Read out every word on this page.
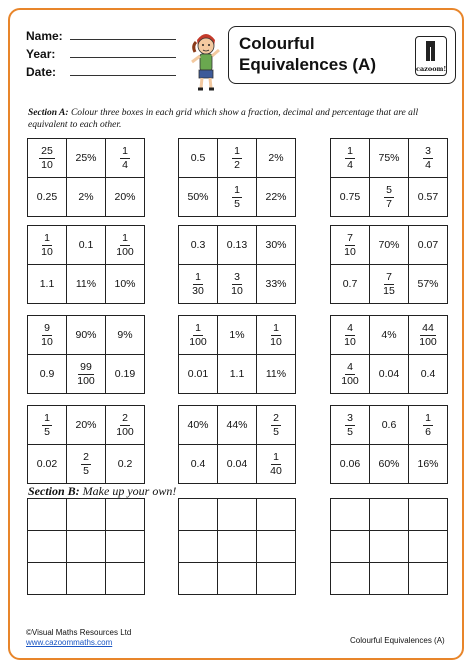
Name:
Year:
Date:
Colourful
Equivalences (A)	cazoom!
Section A: Colour three boxes in each grid which show a fraction, decimal and percentage that are all equivalent to each other.
$\frac{25}{10}$	25%	$\frac{1}{4}$

0.25	2%	20%
0.5	$\frac{1}{2}$	2%
50%	$\frac{1}{5}$	22%
$\frac{1}{4}$	75%	$\frac{3}{4}$

0.75	$\frac{5}{7}$	0.57
$\frac{1}{10}$	0.1	$\frac{1}{100}$

1.1	11%	10%
0.3	0.13	30%

$\frac{1}{30}$	$\frac{3}{10}$	33%
$\frac{7}{10}$	70%	0.07
0.7	$\frac{7}{15}$	57%
$\frac{9}{10}$	90%	9%
0.9	$\frac{99}{100}$	0.19
$\frac{1}{100}$	1%	$\frac{1}{10}$

0.01	1.1	11%
$\frac{4}{10}$	4%	$\frac{44}{100}$

$\frac{4}{100}$	0.04	0.4
$\frac{1}{5}$	20%	$\frac{2}{100}$

0.02	$\frac{2}{5}$	0.2
40%	44%	$\frac{2}{5}$

0.4	0.04	$\frac{1}{40}$
$\frac{3}{5}$	0.6	$\frac{1}{6}$

0.06	60%	16%
Section B: Make up your own!

©Visual Maths Resources Ltd
www.cazoommaths.com	Colourful Equivalences (A)
